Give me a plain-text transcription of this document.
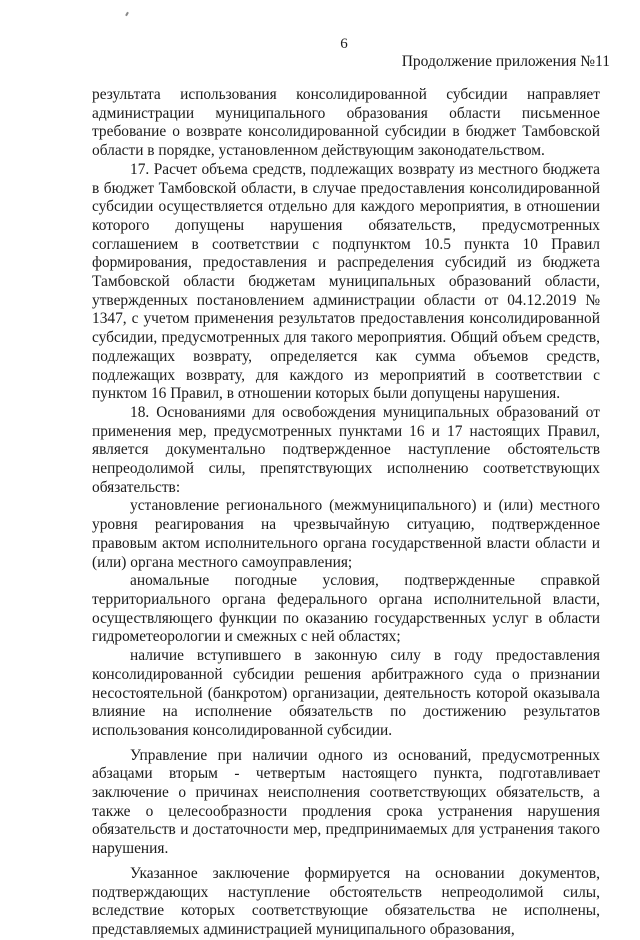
6
Продолжение приложения №11

результата использования консолидированной субсидии направляет администрации муниципального образования области письменное требование о возврате консолидированной субсидии в бюджет Тамбовской области в порядке, установленном действующим законодательством.

17. Расчет объема средств, подлежащих возврату из местного бюджета в бюджет Тамбовской области, в случае предоставления консолидированной субсидии осуществляется отдельно для каждого мероприятия, в отношении которого допущены нарушения обязательств, предусмотренных соглашением в соответствии с подпунктом 10.5 пункта 10 Правил формирования, предоставления и распределения субсидий из бюджета Тамбовской области бюджетам муниципальных образований области, утвержденных постановлением администрации области от 04.12.2019 № 1347, с учетом применения результатов предоставления консолидированной субсидии, предусмотренных для такого мероприятия. Общий объем средств, подлежащих возврату, определяется как сумма объемов средств, подлежащих возврату, для каждого из мероприятий в соответствии с пунктом 16 Правил, в отношении которых были допущены нарушения.

18. Основаниями для освобождения муниципальных образований от применения мер, предусмотренных пунктами 16 и 17 настоящих Правил, является документально подтвержденное наступление обстоятельств непреодолимой силы, препятствующих исполнению соответствующих обязательств:

установление регионального (межмуниципального) и (или) местного уровня реагирования на чрезвычайную ситуацию, подтвержденное правовым актом исполнительного органа государственной власти области и (или) органа местного самоуправления;

аномальные погодные условия, подтвержденные справкой территориального органа федерального органа исполнительной власти, осуществляющего функции по оказанию государственных услуг в области гидрометеорологии и смежных с ней областях;

наличие вступившего в законную силу в году предоставления консолидированной субсидии решения арбитражного суда о признании несостоятельной (банкротом) организации, деятельность которой оказывала влияние на исполнение обязательств по достижению результатов использования консолидированной субсидии.

Управление при наличии одного из оснований, предусмотренных абзацами вторым - четвертым настоящего пункта, подготавливает заключение о причинах неисполнения соответствующих обязательств, а также о целесообразности продления срока устранения нарушения обязательств и достаточности мер, предпринимаемых для устранения такого нарушения.

Указанное заключение формируется на основании документов, подтверждающих наступление обстоятельств непреодолимой силы, вследствие которых соответствующие обязательства не исполнены, представляемых администрацией муниципального образования,
